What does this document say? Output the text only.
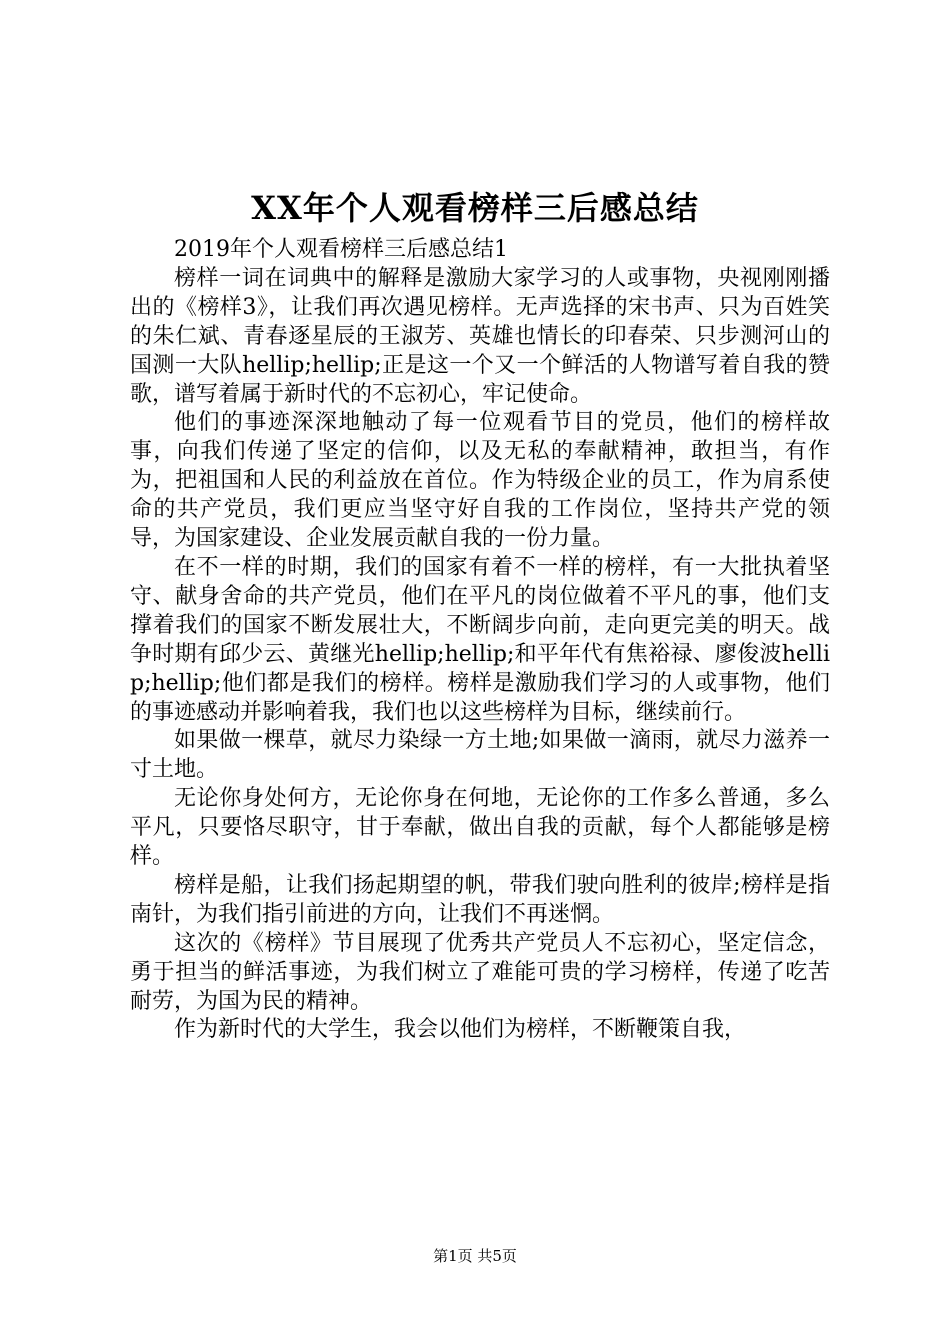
XX年个人观看榜样三后感总结

2019年个人观看榜样三后感总结1

榜样一词在词典中的解释是激励大家学习的人或事物，央视刚刚播出的《榜样3》，让我们再次遇见榜样。无声选择的宋书声、只为百姓笑的朱仁斌、青春逐星辰的王淑芳、英雄也情长的印春荣、只步测河山的国测一大队hellip;hellip;正是这一个又一个鲜活的人物谱写着自我的赞歌，谱写着属于新时代的不忘初心，牢记使命。

他们的事迹深深地触动了每一位观看节目的党员，他们的榜样故事，向我们传递了坚定的信仰，以及无私的奉献精神，敢担当，有作为，把祖国和人民的利益放在首位。作为特级企业的员工，作为肩系使命的共产党员，我们更应当坚守好自我的工作岗位，坚持共产党的领导，为国家建设、企业发展贡献自我的一份力量。

在不一样的时期，我们的国家有着不一样的榜样，有一大批执着坚守、献身舍命的共产党员，他们在平凡的岗位做着不平凡的事，他们支撑着我们的国家不断发展壮大，不断阔步向前，走向更完美的明天。战争时期有邱少云、黄继光hellip;hellip;和平年代有焦裕禄、廖俊波hellip;hellip;他们都是我们的榜样。榜样是激励我们学习的人或事物，他们的事迹感动并影响着我，我们也以这些榜样为目标，继续前行。

如果做一棵草，就尽力染绿一方土地;如果做一滴雨，就尽力滋养一寸土地。

无论你身处何方，无论你身在何地，无论你的工作多么普通，多么平凡，只要恪尽职守，甘于奉献，做出自我的贡献，每个人都能够是榜样。

榜样是船，让我们扬起期望的帆，带我们驶向胜利的彼岸;榜样是指南针，为我们指引前进的方向，让我们不再迷惘。

这次的《榜样》节目展现了优秀共产党员人不忘初心，坚定信念，勇于担当的鲜活事迹，为我们树立了难能可贵的学习榜样，传递了吃苦耐劳，为国为民的精神。

作为新时代的大学生，我会以他们为榜样，不断鞭策自我，

第1页 共5页
